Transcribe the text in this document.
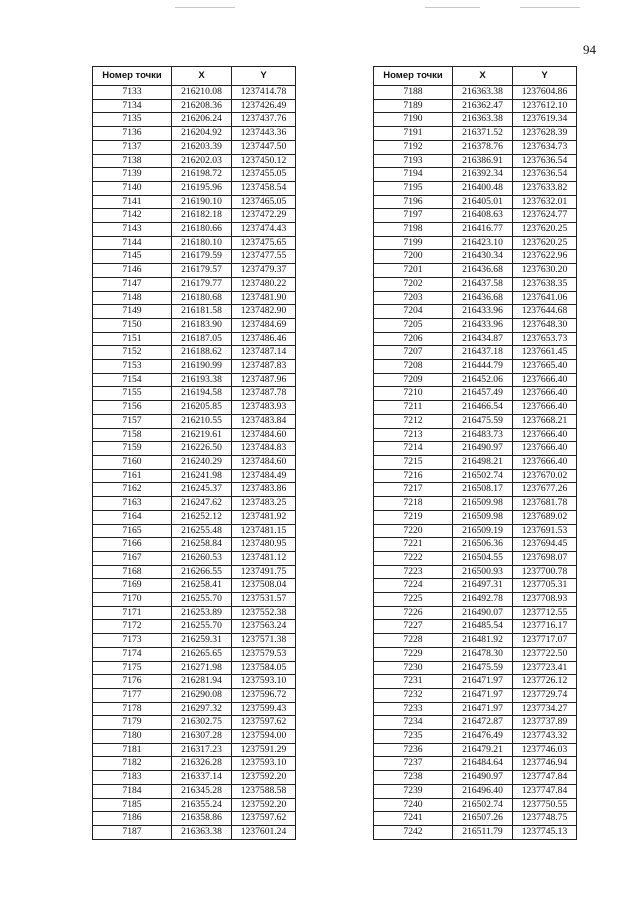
94
Номер точки	X	Y
7133	216210.08	1237414.78
7134	216208.36	1237426.49
7135	216206.24	1237437.76
7136	216204.92	1237443.36
7137	216203.39	1237447.50
7138	216202.03	1237450.12
7139	216198.72	1237455.05
7140	216195.96	1237458.54
7141	216190.10	1237465.05
7142	216182.18	1237472.29
7143	216180.66	1237474.43
7144	216180.10	1237475.65
7145	216179.59	1237477.55
7146	216179.57	1237479.37
7147	216179.77	1237480.22
7148	216180.68	1237481.90
7149	216181.58	1237482.90
7150	216183.90	1237484.69
7151	216187.05	1237486.46
7152	216188.62	1237487.14
7153	216190.99	1237487.83
7154	216193.38	1237487.96
7155	216194.58	1237487.78
7156	216205.85	1237483.93
7157	216210.55	1237483.84
7158	216219.61	1237484.60
7159	216226.50	1237484.83
7160	216240.29	1237484.60
7161	216241.98	1237484.49
7162	216245.37	1237483.86
7163	216247.62	1237483.25
7164	216252.12	1237481.92
7165	216255.48	1237481.15
7166	216258.84	1237480.95
7167	216260.53	1237481.12
7168	216266.55	1237491.75
7169	216258.41	1237508.04
7170	216255.70	1237531.57
7171	216253.89	1237552.38
7172	216255.70	1237563.24
7173	216259.31	1237571.38
7174	216265.65	1237579.53
7175	216271.98	1237584.05
7176	216281.94	1237593.10
7177	216290.08	1237596.72
7178	216297.32	1237599.43
7179	216302.75	1237597.62
7180	216307.28	1237594.00
7181	216317.23	1237591.29
7182	216326.28	1237593.10
7183	216337.14	1237592.20
7184	216345.28	1237588.58
7185	216355.24	1237592.20
7186	216358.86	1237597.62
7187	216363.38	1237601.24
Номер точки	X	Y
7188	216363.38	1237604.86
7189	216362.47	1237612.10
7190	216363.38	1237619.34
7191	216371.52	1237628.39
7192	216378.76	1237634.73
7193	216386.91	1237636.54
7194	216392.34	1237636.54
7195	216400.48	1237633.82
7196	216405.01	1237632.01
7197	216408.63	1237624.77
7198	216416.77	1237620.25
7199	216423.10	1237620.25
7200	216430.34	1237622.96
7201	216436.68	1237630.20
7202	216437.58	1237638.35
7203	216436.68	1237641.06
7204	216433.96	1237644.68
7205	216433.96	1237648.30
7206	216434.87	1237653.73
7207	216437.18	1237661.45
7208	216444.79	1237665.40
7209	216452.06	1237666.40
7210	216457.49	1237666.40
7211	216466.54	1237666.40
7212	216475.59	1237668.21
7213	216483.73	1237666.40
7214	216490.97	1237666.40
7215	216498.21	1237666.40
7216	216502.74	1237670.02
7217	216508.17	1237677.26
7218	216509.98	1237681.78
7219	216509.98	1237689.02
7220	216509.19	1237691.53
7221	216506.36	1237694.45
7222	216504.55	1237698.07
7223	216500.93	1237700.78
7224	216497.31	1237705.31
7225	216492.78	1237708.93
7226	216490.07	1237712.55
7227	216485.54	1237716.17
7228	216481.92	1237717.07
7229	216478.30	1237722.50
7230	216475.59	1237723.41
7231	216471.97	1237726.12
7232	216471.97	1237729.74
7233	216471.97	1237734.27
7234	216472.87	1237737.89
7235	216476.49	1237743.32
7236	216479.21	1237746.03
7237	216484.64	1237746.94
7238	216490.97	1237747.84
7239	216496.40	1237747.84
7240	216502.74	1237750.55
7241	216507.26	1237748.75
7242	216511.79	1237745.13
